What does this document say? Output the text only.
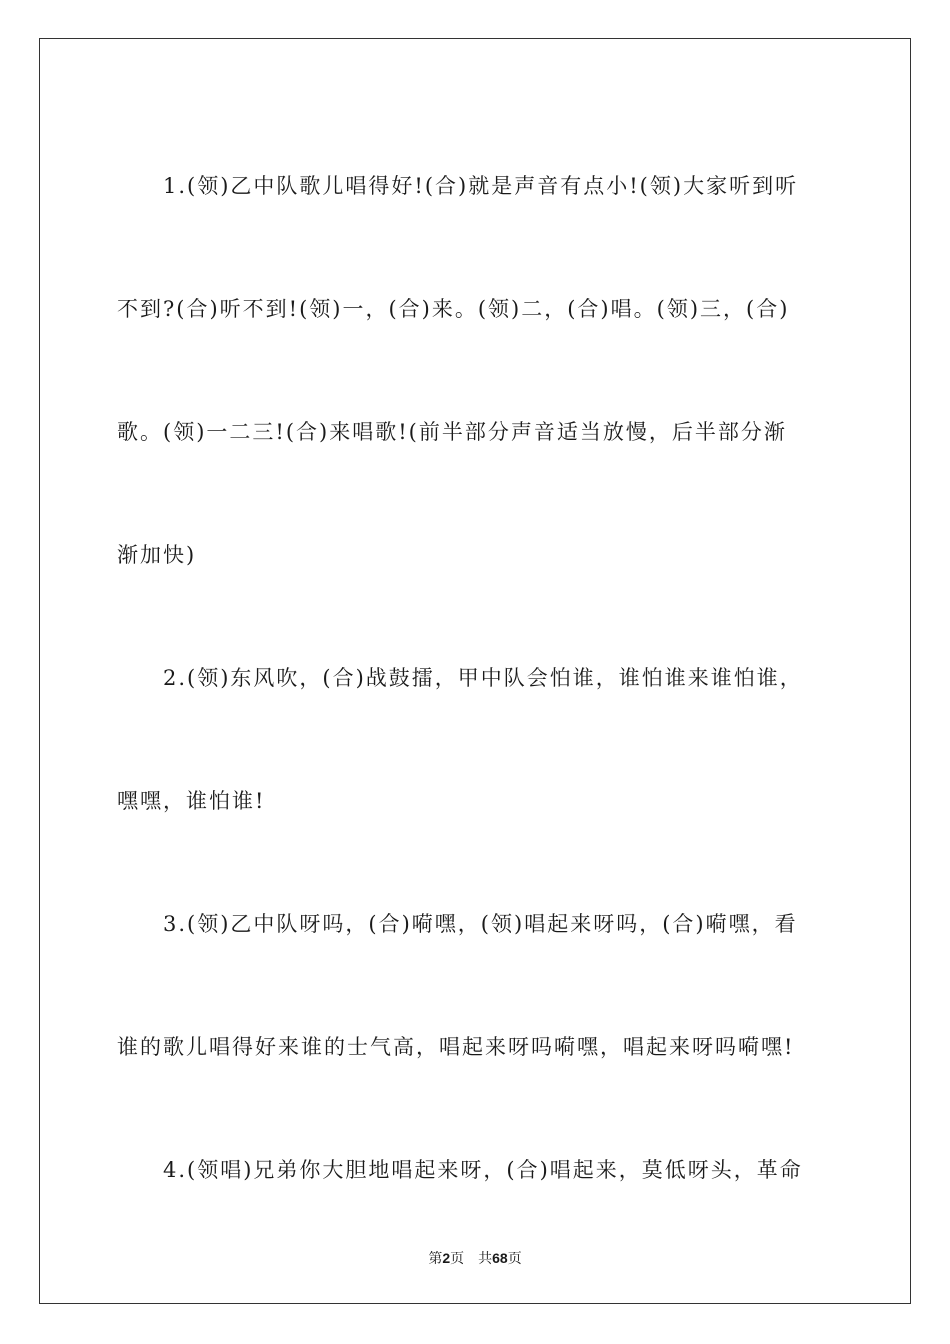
1.(领)乙中队歌儿唱得好!(合)就是声音有点小!(领)大家听到听

不到?(合)听不到!(领)一，(合)来。(领)二，(合)唱。(领)三，(合)

歌。(领)一二三!(合)来唱歌!(前半部分声音适当放慢，后半部分渐

渐加快)

2.(领)东风吹，(合)战鼓擂，甲中队会怕谁，谁怕谁来谁怕谁，

嘿嘿，谁怕谁!

3.(领)乙中队呀吗，(合)嗬嘿，(领)唱起来呀吗，(合)嗬嘿，看

谁的歌儿唱得好来谁的士气高，唱起来呀吗嗬嘿，唱起来呀吗嗬嘿!

4.(领唱)兄弟你大胆地唱起来呀，(合)唱起来，莫低呀头，革命

第2页　共68页
